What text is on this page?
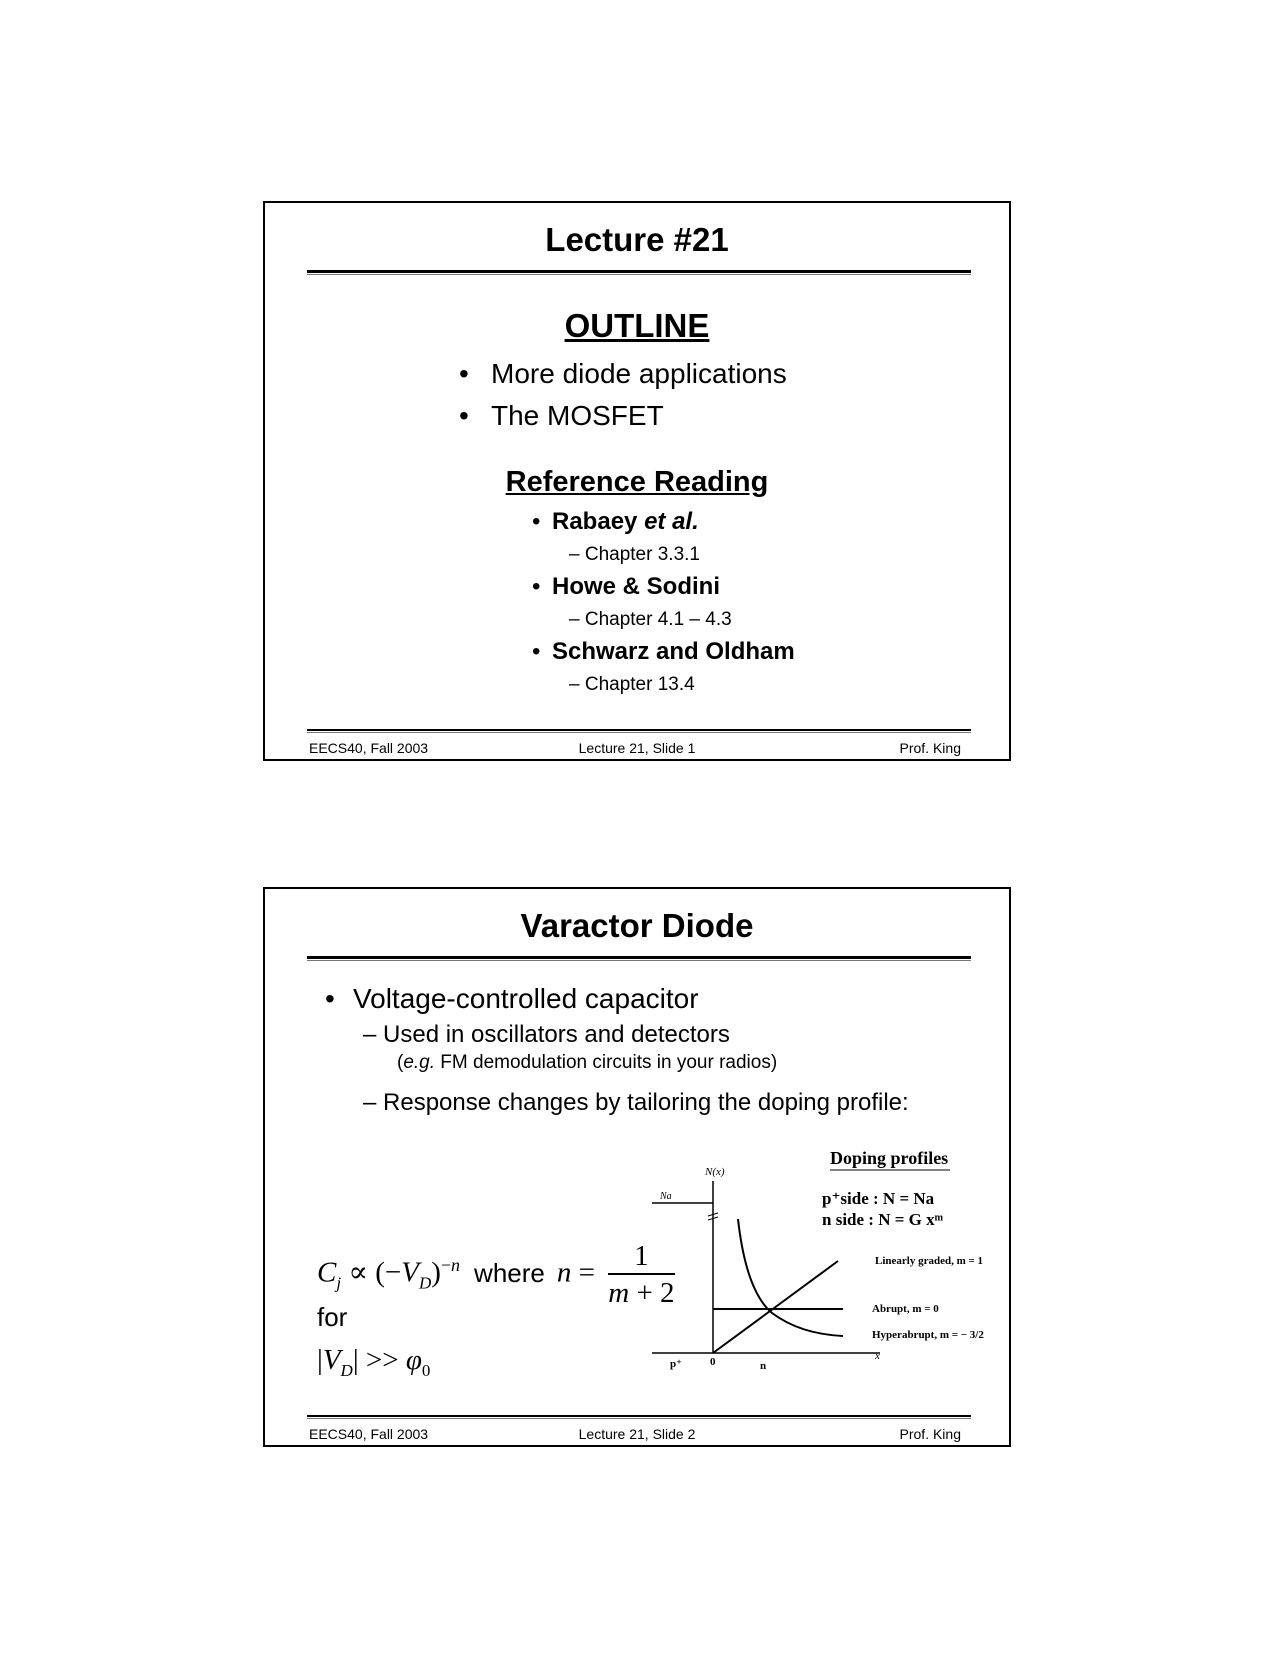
Lecture #21
OUTLINE
• More diode applications
• The MOSFET
Reference Reading
• Rabaey et al.
– Chapter 3.3.1
• Howe & Sodini
– Chapter 4.1 – 4.3
• Schwarz and Oldham
– Chapter 13.4
EECS40, Fall 2003	Lecture 21, Slide 1	Prof. King
Varactor Diode
• Voltage-controlled capacitor
– Used in oscillators and detectors
(e.g. FM demodulation circuits in your radios)
– Response changes by tailoring the doping profile:
$C_j \propto (-V_D)^{-n}$ where $n = \frac{1}{m + 2}$
for
$|V_D| >> \varphi_0$
Doping profiles
N(x)
Na	p⁺side : N = Na
n side : N = G xᵐ
Linearly graded, m = 1
Abrupt, m = 0
Hyperabrupt, m = − 3/2
p⁺	0	n
x
EECS40, Fall 2003	Lecture 21, Slide 2	Prof. King
